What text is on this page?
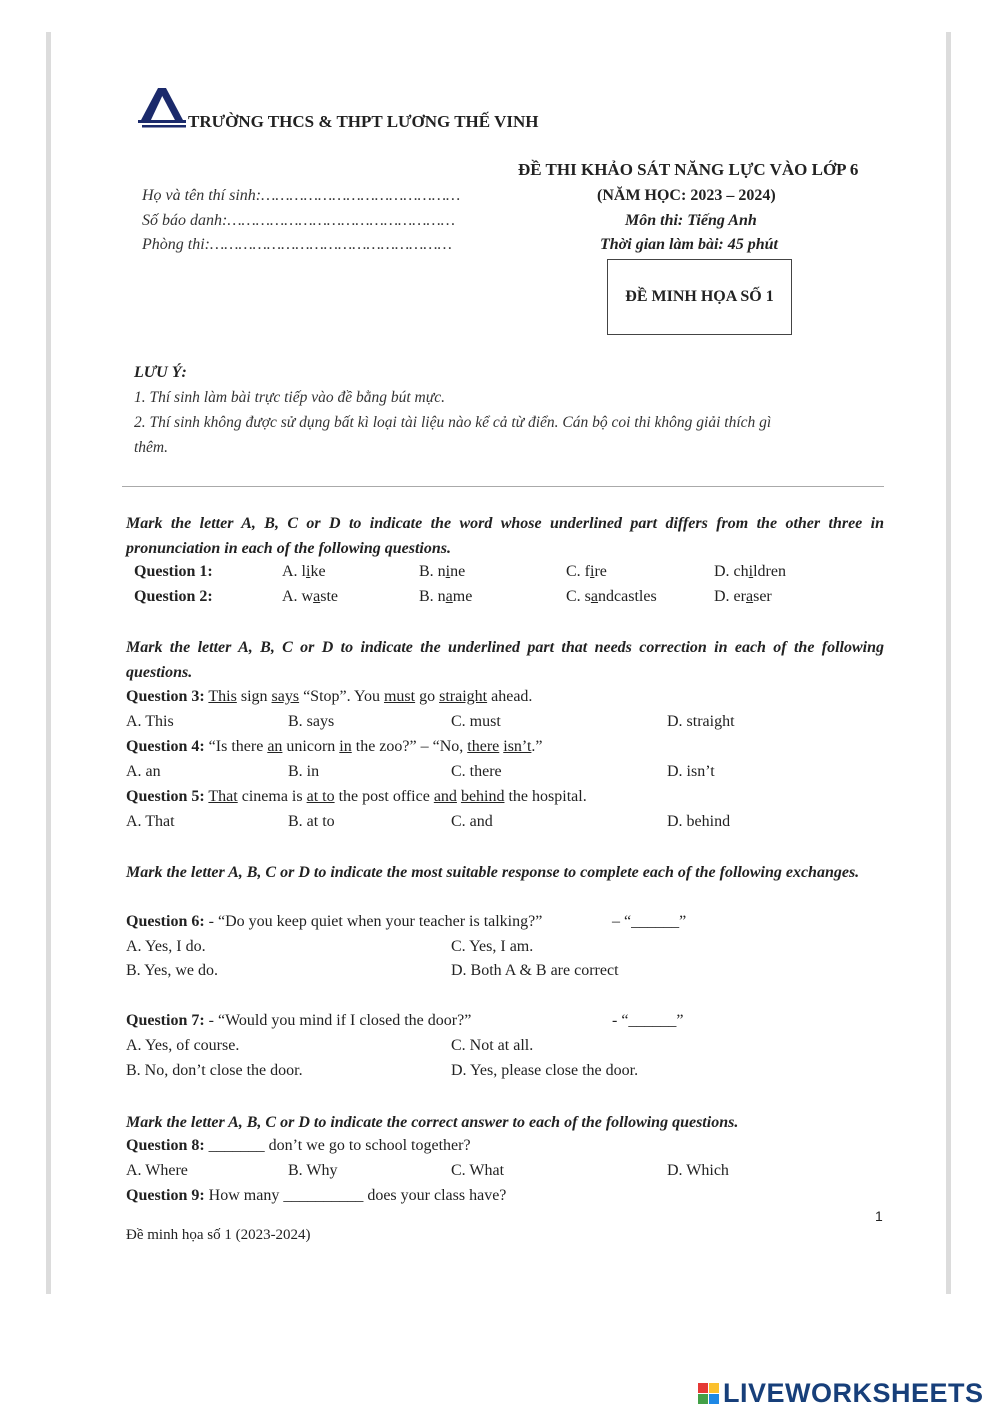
TRƯỜNG THCS & THPT LƯƠNG THẾ VINH
ĐỀ THI KHẢO SÁT NĂNG LỰC VÀO LỚP 6
(NĂM HỌC: 2023 – 2024)
Môn thi: Tiếng Anh
Thời gian làm bài: 45 phút
Họ và tên thí sinh:……………………………………
Số báo danh:…………………………………………
Phòng thi:……………………………………………
ĐỀ MINH HỌA SỐ 1
LƯU Ý:
1. Thí sinh làm bài trực tiếp vào đề bằng bút mực.
2. Thí sinh không được sử dụng bất kì loại tài liệu nào kể cả từ điển. Cán bộ coi thi không giải thích gì
thêm.
Mark the letter A, B, C or D to indicate the word whose underlined part differs from the other three in pronunciation in each of the following questions.
Question 1:	A. like	B. nine	C. fire	D. children
Question 2:	A. waste	B. name	C. sandcastles	D. eraser
Mark the letter A, B, C or D to indicate the underlined part that needs correction in each of the following questions.
Question 3: This sign says “Stop”. You must go straight ahead.
A. This	B. says	C. must	D. straight
Question 4: “Is there an unicorn in the zoo?” – “No, there isn’t.”
A. an	B. in	C. there	D. isn’t
Question 5: That cinema is at to the post office and behind the hospital.
A. That	B. at to	C. and	D. behind
Mark the letter A, B, C or D to indicate the most suitable response to complete each of the following exchanges.
Question 6: - “Do you keep quiet when your teacher is talking?”	– “______”
A. Yes, I do.	C. Yes, I am.
B. Yes, we do.	D. Both A & B are correct
Question 7: - “Would you mind if I closed the door?”	- “______”
A. Yes, of course.	C. Not at all.
B. No, don’t close the door.	D. Yes, please close the door.
Mark the letter A, B, C or D to indicate the correct answer to each of the following questions.
Question 8: _______ don’t we go to school together?
A. Where	B. Why	C. What	D. Which
Question 9: How many __________ does your class have?
1
Đề minh họa số 1 (2023-2024)
LIVEWORKSHEETS
